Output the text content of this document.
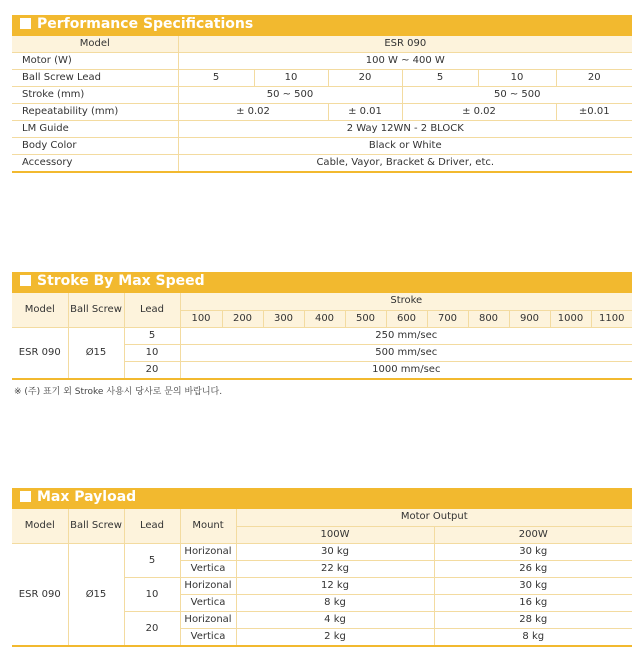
Performance Specifications
Model	ESR 090					
Motor (W)	100 W ~ 400 W					
Ball Screw Lead	5	10	20	5	10	20
Stroke (mm)	50 ~ 500			50 ~ 500		
Repeatability (mm)	± 0.02		± 0.01	± 0.02		±0.01
LM Guide	2 Way 12WN - 2 BLOCK					
Body Color	Black or White					
Accessory	Cable, Vayor, Bracket & Driver, etc.					
Stroke By Max Speed
Model	Ball Screw	Lead	Stroke										
			100	200	300	400	500	600	700	800	900	1000	1100
ESR 090	Ø15	5	250 mm/sec										
		10	500 mm/sec										
		20	1000 mm/sec										
※ (주) 표기 외 Stroke 사용시 당사로 문의 바랍니다.
Max Payload
Model	Ball Screw	Lead	Mount	Motor Output	
				100W	200W
ESR 090	Ø15	5	Horizonal	30 kg	30 kg
			Vertica	22 kg	26 kg
		10	Horizonal	12 kg	30 kg
			Vertica	8 kg	16 kg
		20	Horizonal	4 kg	28 kg
			Vertica	2 kg	8 kg
